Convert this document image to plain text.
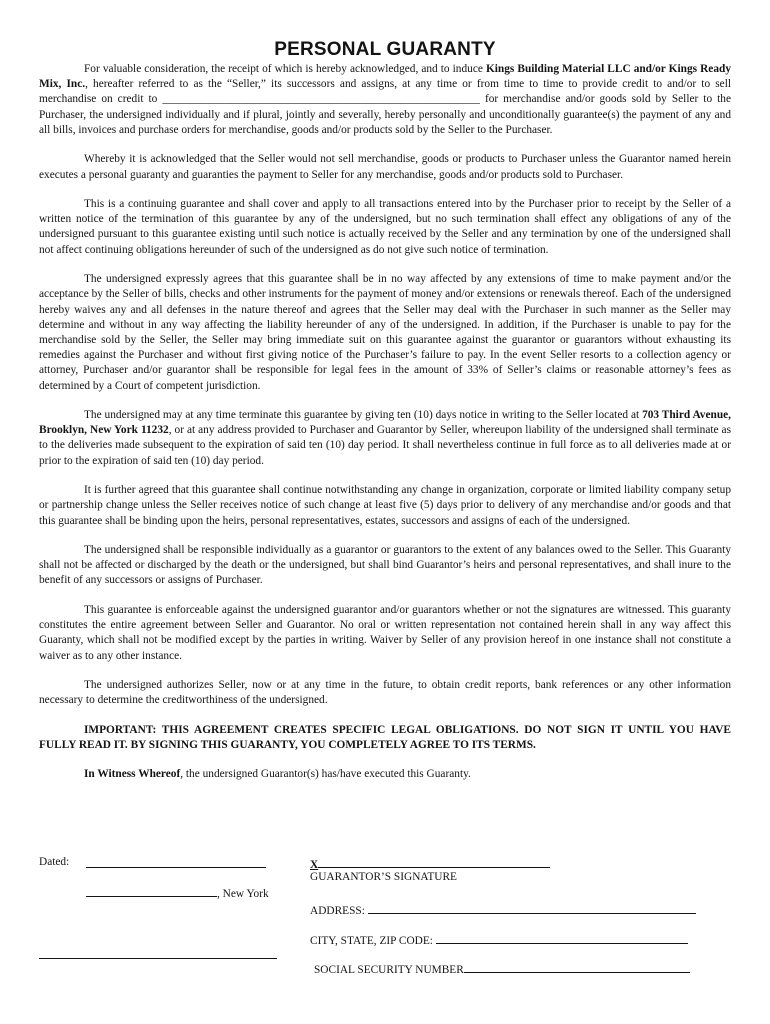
PERSONAL GUARANTY

For valuable consideration, the receipt of which is hereby acknowledged, and to induce Kings Building Material LLC and/or Kings Ready Mix, Inc., hereafter referred to as the “Seller,” its successors and assigns, at any time or from time to time to provide credit to and/or to sell merchandise on credit to ________________________________________________________ for merchandise and/or goods sold by Seller to the Purchaser, the undersigned individually and if plural, jointly and severally, hereby personally and unconditionally guarantee(s) the payment of any and all bills, invoices and purchase orders for merchandise, goods and/or products sold by the Seller to the Purchaser.

Whereby it is acknowledged that the Seller would not sell merchandise, goods or products to Purchaser unless the Guarantor named herein executes a personal guaranty and guaranties the payment to Seller for any merchandise, goods and/or products sold to Purchaser.

This is a continuing guarantee and shall cover and apply to all transactions entered into by the Purchaser prior to receipt by the Seller of a written notice of the termination of this guarantee by any of the undersigned, but no such termination shall effect any obligations of any of the undersigned pursuant to this guarantee existing until such notice is actually received by the Seller and any termination by one of the undersigned shall not affect continuing obligations hereunder of such of the undersigned as do not give such notice of termination.

The undersigned expressly agrees that this guarantee shall be in no way affected by any extensions of time to make payment and/or the acceptance by the Seller of bills, checks and other instruments for the payment of money and/or extensions or renewals thereof. Each of the undersigned hereby waives any and all defenses in the nature thereof and agrees that the Seller may deal with the Purchaser in such manner as the Seller may determine and without in any way affecting the liability hereunder of any of the undersigned. In addition, if the Purchaser is unable to pay for the merchandise sold by the Seller, the Seller may bring immediate suit on this guarantee against the guarantor or guarantors without exhausting its remedies against the Purchaser and without first giving notice of the Purchaser’s failure to pay. In the event Seller resorts to a collection agency or attorney, Purchaser and/or guarantor shall be responsible for legal fees in the amount of 33% of Seller’s claims or reasonable attorney’s fees as determined by a Court of competent jurisdiction.

The undersigned may at any time terminate this guarantee by giving ten (10) days notice in writing to the Seller located at 703 Third Avenue, Brooklyn, New York 11232, or at any address provided to Purchaser and Guarantor by Seller, whereupon liability of the undersigned shall terminate as to the deliveries made subsequent to the expiration of said ten (10) day period. It shall nevertheless continue in full force as to all deliveries made at or prior to the expiration of said ten (10) day period.

It is further agreed that this guarantee shall continue notwithstanding any change in organization, corporate or limited liability company setup or partnership change unless the Seller receives notice of such change at least five (5) days prior to delivery of any merchandise and/or goods and that this guarantee shall be binding upon the heirs, personal representatives, estates, successors and assigns of each of the undersigned.

The undersigned shall be responsible individually as a guarantor or guarantors to the extent of any balances owed to the Seller. This Guaranty shall not be affected or discharged by the death or the undersigned, but shall bind Guarantor’s heirs and personal representatives, and shall inure to the benefit of any successors or assigns of Purchaser.

This guarantee is enforceable against the undersigned guarantor and/or guarantors whether or not the signatures are witnessed. This guaranty constitutes the entire agreement between Seller and Guarantor. No oral or written representation not contained herein shall in any way affect this Guaranty, which shall not be modified except by the parties in writing. Waiver by Seller of any provision hereof in one instance shall not constitute a waiver as to any other instance.

The undersigned authorizes Seller, now or at any time in the future, to obtain credit reports, bank references or any other information necessary to determine the creditworthiness of the undersigned.

IMPORTANT: THIS AGREEMENT CREATES SPECIFIC LEGAL OBLIGATIONS. DO NOT SIGN IT UNTIL YOU HAVE FULLY READ IT. BY SIGNING THIS GUARANTY, YOU COMPLETELY AGREE TO ITS TERMS.

In Witness Whereof, the undersigned Guarantor(s) has/have executed this Guaranty.

Dated:	X
GUARANTOR’S SIGNATURE
, New York
ADDRESS:
CITY, STATE, ZIP CODE:
SOCIAL SECURITY NUMBER
